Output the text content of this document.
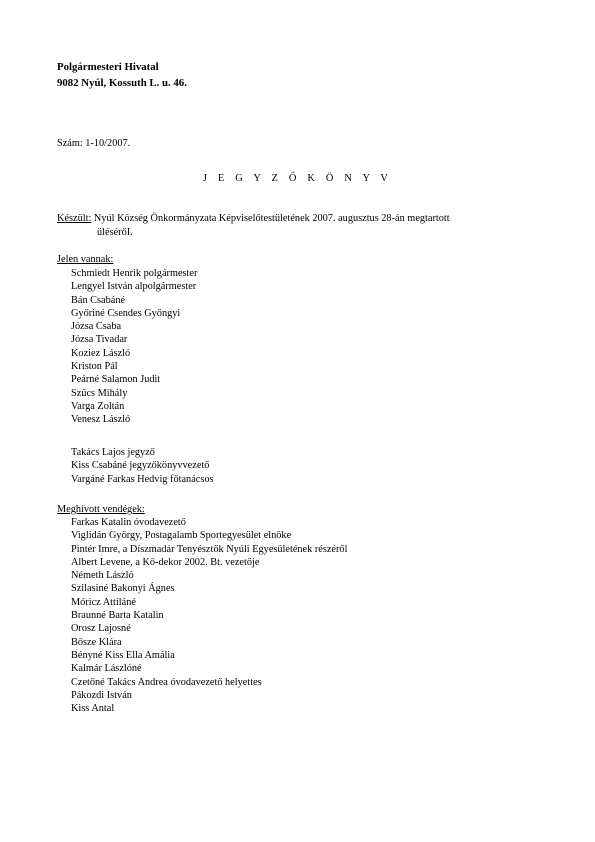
Polgármesteri Hivatal
9082 Nyúl, Kossuth L. u. 46.
Szám: 1-10/2007.
J E G Y Z Ő K Ö N Y V
Készült: Nyúl Község Önkormányzata Képviselőtestületének 2007. augusztus 28-án megtartott
ülésérőI.
Jelen vannak:
Schmiedt Henrik polgármester
Lengyel István alpolgármester
Bán Csabáné
Győriné Csendes Gyöngyi
Józsa Csaba
Józsa Tivadar
Koziez László
Kriston Pál
Peárné Salamon Judit
Szűcs Mihály
Varga Zoltán
Venesz László
Takács Lajos jegyző
Kiss Csabáné jegyzőkönyvvezető
Vargáné Farkas Hedvig főtanácsos
Meghívott vendégek:
Farkas Katalin óvodavezető
Viglidán György, Postagalamb Sportegyesület elnöke
Pintér Imre, a Díszmadár Tenyésztők Nyúli Egyesületének részéről
Albert Levene, a Kő-dekor 2002. Bt. vezetője
Németh László
Szilasiné Bakonyi Ágnes
Móricz Attiláné
Braunné Barta Katalin
Orosz Lajosné
Bősze Klára
Bényné Kiss Ella Amália
Kalmár Lászlóné
Czetőné Takács Andrea óvodavezető helyettes
Pákozdi István
Kiss Antal
